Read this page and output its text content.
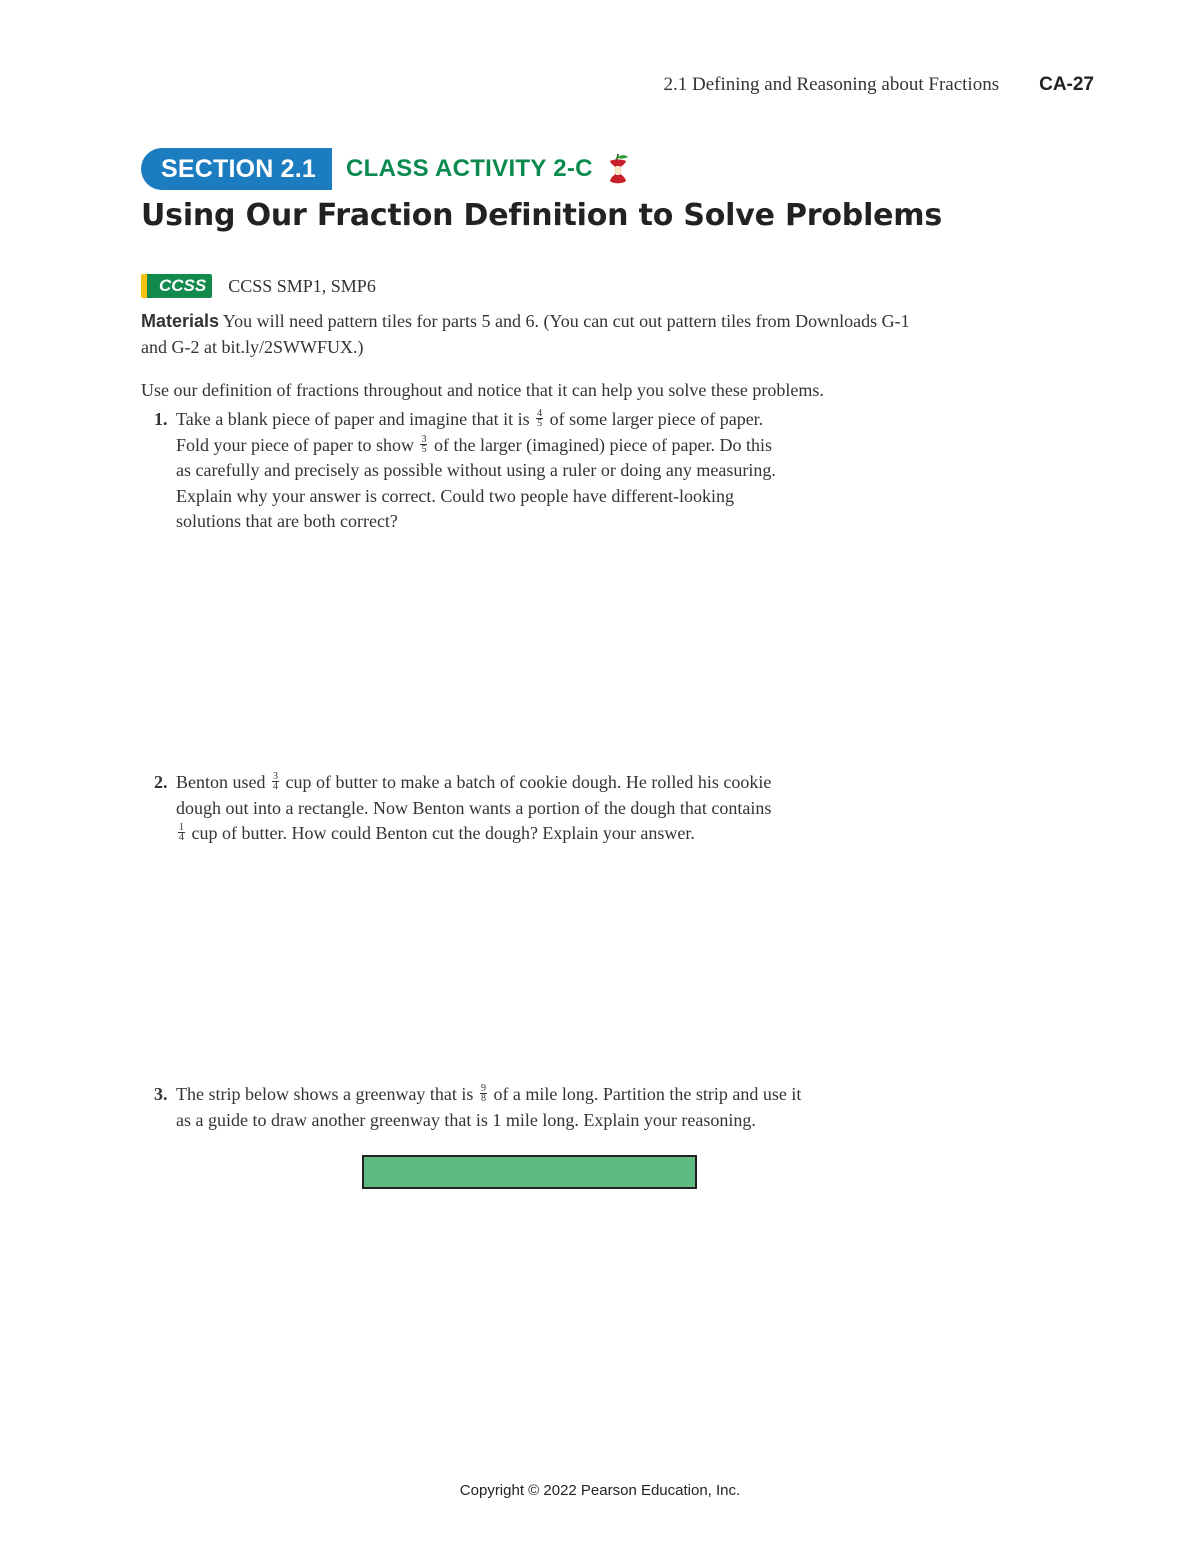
2.1 Defining and Reasoning about Fractions CA-27
SECTION 2.1	CLASS ACTIVITY 2-C
Using Our Fraction Definition to Solve Problems
CCSS	CCSS SMP1, SMP6
Materials You will need pattern tiles for parts 5 and 6. (You can cut out pattern tiles from Downloads G-1 and G-2 at bit.ly/2SWWFUX.)
Use our definition of fractions throughout and notice that it can help you solve these problems.
1. Take a blank piece of paper and imagine that it is $\frac{4}{5}$ of some larger piece of paper.
Fold your piece of paper to show $\frac{3}{5}$ of the larger (imagined) piece of paper. Do this
as carefully and precisely as possible without using a ruler or doing any measuring.
Explain why your answer is correct. Could two people have different-looking
solutions that are both correct?
2. Benton used $\frac{3}{4}$ cup of butter to make a batch of cookie dough. He rolled his cookie
dough out into a rectangle. Now Benton wants a portion of the dough that contains
$\frac{1}{4}$ cup of butter. How could Benton cut the dough? Explain your answer.
3. The strip below shows a greenway that is $\frac{9}{8}$ of a mile long. Partition the strip and use it
as a guide to draw another greenway that is 1 mile long. Explain your reasoning.
Copyright © 2022 Pearson Education, Inc.
